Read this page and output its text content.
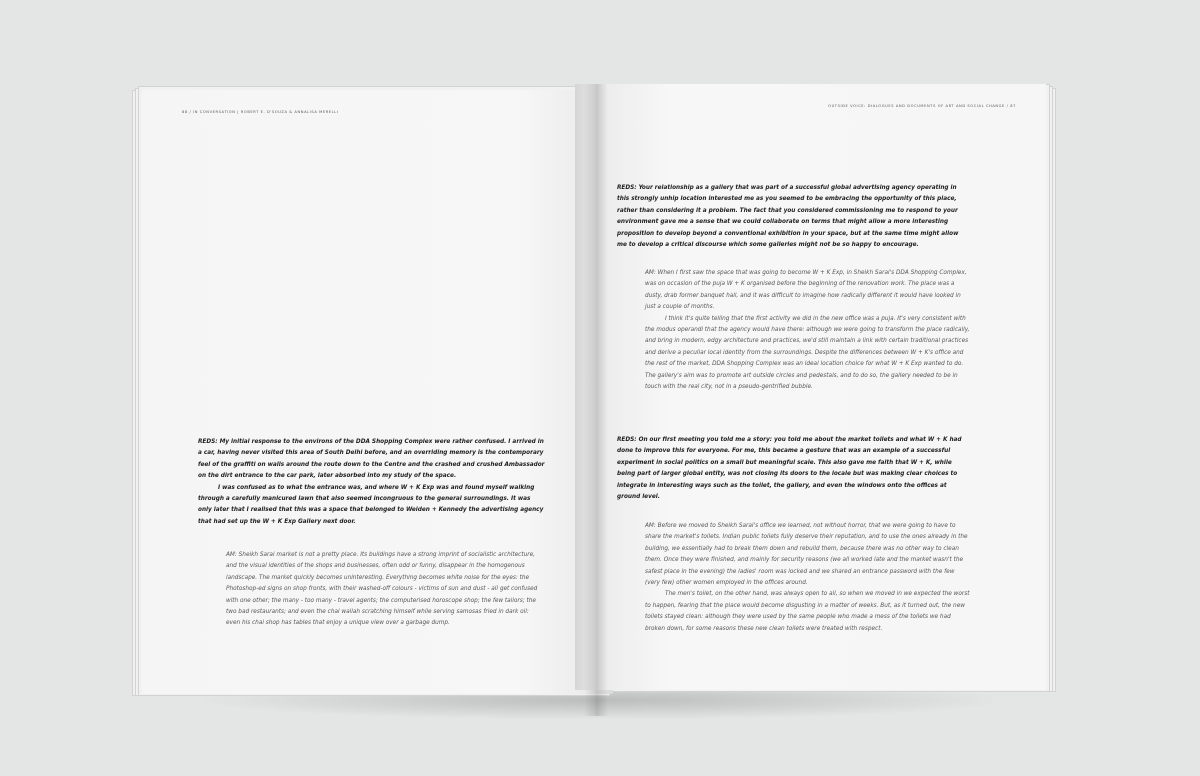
88 / IN CONVERSATION | ROBERT E. D'SOUZA & ANNALISA MERELLI

REDS: My initial response to the environs of the DDA Shopping Complex were rather confused. I arrived in a car, having never visited this area of South Delhi before, and an overriding memory is the contemporary feel of the graffiti on walls around the route down to the Centre and the crashed and crushed Ambassador on the dirt entrance to the car park, later absorbed into my study of the space.

I was confused as to what the entrance was, and where W + K Exp was and found myself walking through a carefully manicured lawn that also seemed incongruous to the general surroundings. It was only later that I realised that this was a space that belonged to Weiden + Kennedy the advertising agency that had set up the W + K Exp Gallery next door.

AM: Sheikh Sarai market is not a pretty place. Its buildings have a strong imprint of socialistic architecture, and the visual identities of the shops and businesses, often odd or funny, disappear in the homogenous landscape. The market quickly becomes uninteresting. Everything becomes white noise for the eyes: the Photoshop-ed signs on shop fronts, with their washed-off colours - victims of sun and dust - all get confused with one other; the many - too many - travel agents; the computerised horoscope shop; the few tailors; the two bad restaurants; and even the chai wallah scratching himself while serving samosas fried in dark oil: even his chai shop has tables that enjoy a unique view over a garbage dump.

OUTSIDE VOICE: DIALOGUES AND DOCUMENTS OF ART AND SOCIAL CHANGE / 87

REDS: Your relationship as a gallery that was part of a successful global advertising agency operating in this strongly unhip location interested me as you seemed to be embracing the opportunity of this place, rather than considering it a problem. The fact that you considered commissioning me to respond to your environment gave me a sense that we could collaborate on terms that might allow a more interesting proposition to develop beyond a conventional exhibition in your space, but at the same time might allow me to develop a critical discourse which some galleries might not be so happy to encourage.

AM: When I first saw the space that was going to become W + K Exp, in Sheikh Sarai's DDA Shopping Complex, was on occasion of the puja W + K organised before the beginning of the renovation work. The place was a dusty, drab former banquet hall, and it was difficult to imagine how radically different it would have looked in just a couple of months.

I think it's quite telling that the first activity we did in the new office was a puja. It's very consistent with the modus operandi that the agency would have there: although we were going to transform the place radically, and bring in modern, edgy architecture and practices, we'd still maintain a link with certain traditional practices and derive a peculiar local identity from the surroundings. Despite the differences between W + K's office and the rest of the market, DDA Shopping Complex was an ideal location choice for what W + K Exp wanted to do. The gallery's aim was to promote art outside circles and pedestals, and to do so, the gallery needed to be in touch with the real city, not in a pseudo-gentrified bubble.

REDS: On our first meeting you told me a story: you told me about the market toilets and what W + K had done to improve this for everyone. For me, this became a gesture that was an example of a successful experiment in social politics on a small but meaningful scale. This also gave me faith that W + K, while being part of larger global entity, was not closing its doors to the locale but was making clear choices to integrate in interesting ways such as the toilet, the gallery, and even the windows onto the offices at ground level.

AM: Before we moved to Sheikh Sarai's office we learned, not without horror, that we were going to have to share the market's toilets. Indian public toilets fully deserve their reputation, and to use the ones already in the building, we essentially had to break them down and rebuild them, because there was no other way to clean them. Once they were finished, and mainly for security reasons (we all worked late and the market wasn't the safest place in the evening) the ladies' room was locked and we shared an entrance password with the few (very few) other women employed in the offices around.

The men's toilet, on the other hand, was always open to all, so when we moved in we expected the worst to happen, fearing that the place would become disgusting in a matter of weeks. But, as it turned out, the new toilets stayed clean: although they were used by the same people who made a mess of the toilets we had broken down, for some reasons these new clean toilets were treated with respect.
